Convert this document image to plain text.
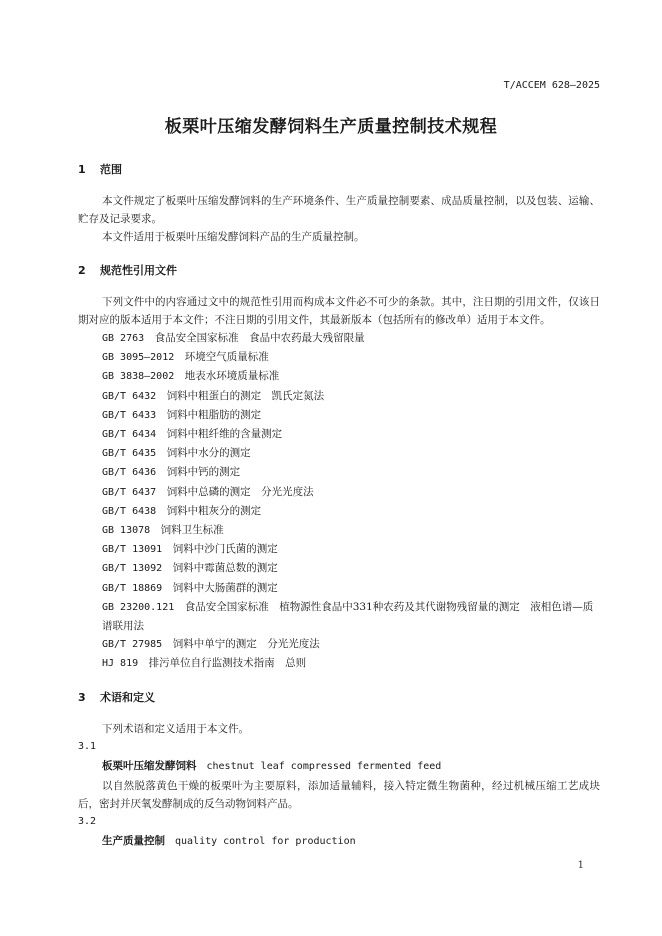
T/ACCEM 628—2025
板栗叶压缩发酵饲料生产质量控制技术规程
1 范围

本文件规定了板栗叶压缩发酵饲料的生产环境条件、生产质量控制要素、成品质量控制，以及包装、运输、贮存及记录要求。

本文件适用于板栗叶压缩发酵饲料产品的生产质量控制。

2 规范性引用文件

下列文件中的内容通过文中的规范性引用而构成本文件必不可少的条款。其中，注日期的引用文件，仅该日期对应的版本适用于本文件；不注日期的引用文件，其最新版本（包括所有的修改单）适用于本文件。

GB 2763　 食品安全国家标准　食品中农药最大残留限量
GB 3095—2012　 环境空气质量标准
GB 3838—2002　 地表水环境质量标准
GB/T 6432　 饲料中粗蛋白的测定　凯氏定氮法
GB/T 6433　 饲料中粗脂肪的测定
GB/T 6434　 饲料中粗纤维的含量测定
GB/T 6435　 饲料中水分的测定
GB/T 6436　 饲料中钙的测定
GB/T 6437　 饲料中总磷的测定　分光光度法
GB/T 6438　 饲料中粗灰分的测定
GB 13078　 饲料卫生标准
GB/T 13091　 饲料中沙门氏菌的测定
GB/T 13092　 饲料中霉菌总数的测定
GB/T 18869　 饲料中大肠菌群的测定
GB 23200.121　 食品安全国家标准　植物源性食品中331种农药及其代谢物残留量的测定　液相色谱—质谱联用法
GB/T 27985　 饲料中单宁的测定　分光光度法
HJ 819　 排污单位自行监测技术指南　总则
3 术语和定义

下列术语和定义适用于本文件。

3.1
板栗叶压缩发酵饲料 chestnut leaf compressed fermented feed

以自然脱落黄色干燥的板栗叶为主要原料，添加适量辅料，接入特定微生物菌种，经过机械压缩工艺成块后，密封并厌氧发酵制成的反刍动物饲料产品。

3.2
生产质量控制 quality control for production
1
